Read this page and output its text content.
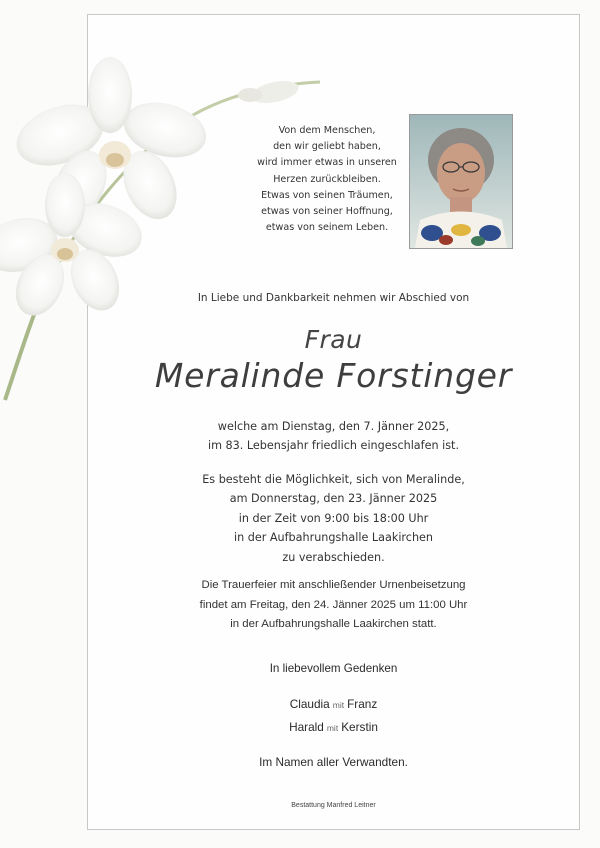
Von dem Menschen,
den wir geliebt haben,
wird immer etwas in unseren
Herzen zurückbleiben.
Etwas von seinen Träumen,
etwas von seiner Hoffnung,
etwas von seinem Leben.
In Liebe und Dankbarkeit nehmen wir Abschied von
Frau
Meralinde Forstinger
welche am Dienstag, den 7. Jänner 2025,
im 83. Lebensjahr friedlich eingeschlafen ist.
Es besteht die Möglichkeit, sich von Meralinde,
am Donnerstag, den 23. Jänner 2025
in der Zeit von 9:00 bis 18:00 Uhr
in der Aufbahrungshalle Laakirchen
zu verabschieden.
Die Trauerfeier mit anschließender Urnenbeisetzung
findet am Freitag, den 24. Jänner 2025 um 11:00 Uhr
in der Aufbahrungshalle Laakirchen statt.
In liebevollem Gedenken
Claudia mit Franz
Harald mit Kerstin
Im Namen aller Verwandten.
Bestattung Manfred Leitner
